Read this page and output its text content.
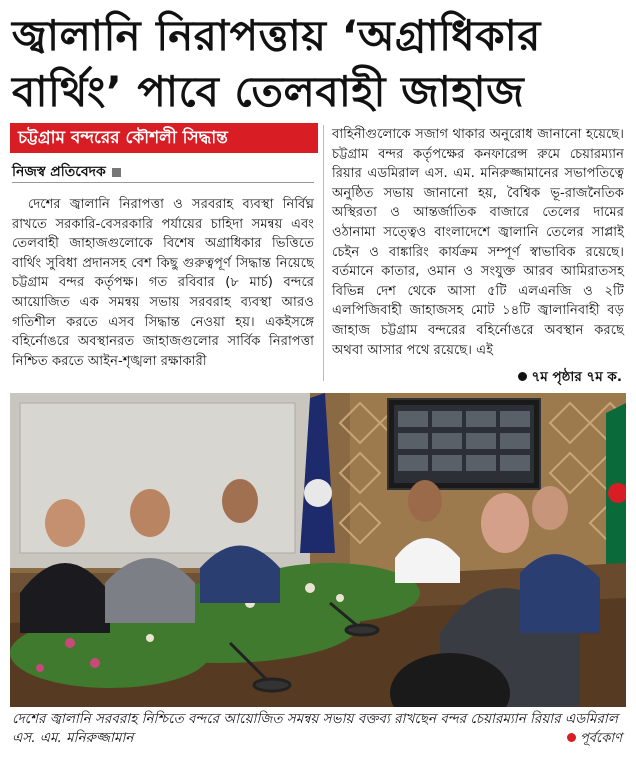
জ্বালানি নিরাপত্তায় ‘অগ্রাধিকার বার্থিং’ পাবে তেলবাহী জাহাজ
চট্টগ্রাম বন্দরের কৌশলী সিদ্ধান্ত
নিজস্ব প্রতিবেদক
দেশের জ্বালানি নিরাপত্তা ও সরবরাহ ব্যবস্থা নির্বিঘ্ন রাখতে সরকারি-বেসরকারি পর্যায়ের চাহিদা সমন্বয় এবং তেলবাহী জাহাজগুলোকে বিশেষ অগ্রাধিকার ভিত্তিতে বার্থিং সুবিধা প্রদানসহ বেশ কিছু গুরুত্বপূর্ণ সিদ্ধান্ত নিয়েছে চট্টগ্রাম বন্দর কর্তৃপক্ষ। গত রবিবার (৮ মার্চ) বন্দরে আয়োজিত এক সমন্বয় সভায় সরবরাহ ব্যবস্থা আরও গতিশীল করতে এসব সিদ্ধান্ত নেওয়া হয়। একইসঙ্গে বহির্নোঙরে অবস্থানরত জাহাজগুলোর সার্বিক নিরাপত্তা নিশ্চিত করতে আইন-শৃঙ্খলা রক্ষাকারী
বাহিনীগুলোকে সজাগ থাকার অনুরোধ জানানো হয়েছে। চট্টগ্রাম বন্দর কর্তৃপক্ষের কনফারেন্স রুমে চেয়ারম্যান রিয়ার এডমিরাল এস. এম. মনিরুজ্জামানের সভাপতিত্বে অনুষ্ঠিত সভায় জানানো হয়, বৈশ্বিক ভূ-রাজনৈতিক অস্থিরতা ও আন্তর্জাতিক বাজারে তেলের দামের ওঠানামা সত্ত্বেও বাংলাদেশে জ্বালানি তেলের সাপ্লাই চেইন ও বাঙ্কারিং কার্যক্রম সম্পূর্ণ স্বাভাবিক রয়েছে। বর্তমানে কাতার, ওমান ও সংযুক্ত আরব আমিরাতসহ বিভিন্ন দেশ থেকে আসা ৫টি এলএনজি ও ২টি এলপিজিবাহী জাহাজসহ মোট ১৪টি জ্বালানিবাহী বড় জাহাজ চট্টগ্রাম বন্দরের বহির্নোঙরে অবস্থান করছে অথবা আসার পথে রয়েছে। এই
৭ম পৃষ্ঠার ৭ম ক.
দেশের জ্বালানি সরবরাহ নিশ্চিতে বন্দরে আয়োজিত সমন্বয় সভায় বক্তব্য রাখছেন বন্দর চেয়ারম্যান রিয়ার এডমিরাল এস. এম. মনিরুজ্জামান	পূর্বকোণ
